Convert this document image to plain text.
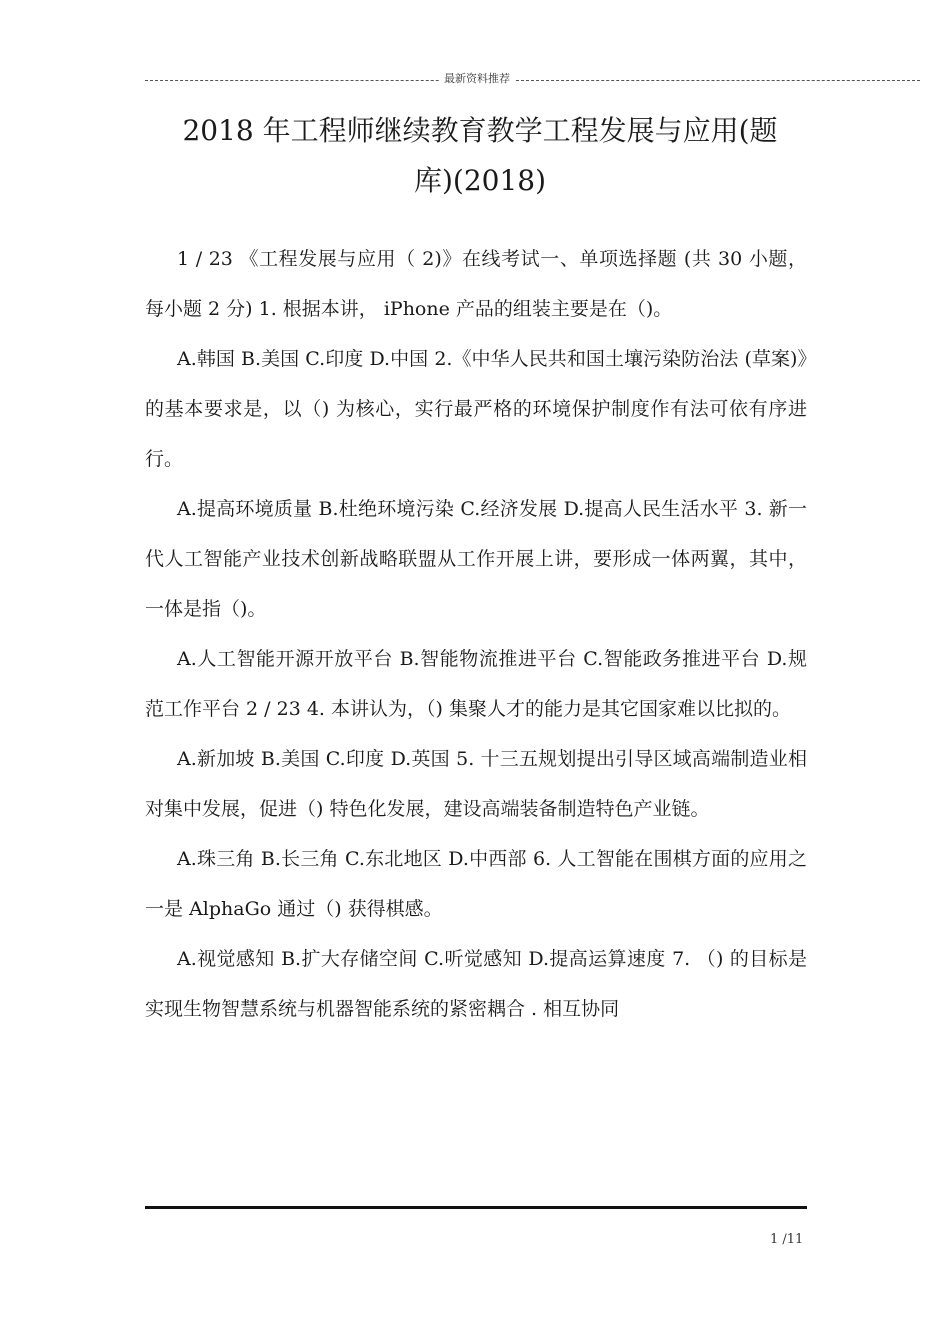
最新资料推荐
2018 年工程师继续教育教学工程发展与应用(题
库)(2018)

1 / 23 《工程发展与应用（ 2)》在线考试一、单项选择题 (共 30 小题，每小题 2 分) 1. 根据本讲， iPhone 产品的组装主要是在（)。

A.韩国 B.美国 C.印度 D.中国 2.《中华人民共和国土壤污染防治法 (草案)》的基本要求是，以（) 为核心，实行最严格的环境保护制度作有法可依有序进行。

A.提高环境质量 B.杜绝环境污染 C.经济发展 D.提高人民生活水平 3. 新一代人工智能产业技术创新战略联盟从工作开展上讲，要形成一体两翼，其中，一体是指（)。

A.人工智能开源开放平台 B.智能物流推进平台 C.智能政务推进平台 D.规范工作平台 2 / 23 4. 本讲认为，（) 集聚人才的能力是其它国家难以比拟的。

A.新加坡 B.美国 C.印度 D.英国 5. 十三五规划提出引导区域高端制造业相对集中发展，促进（) 特色化发展，建设高端装备制造特色产业链。

A.珠三角 B.长三角 C.东北地区 D.中西部 6. 人工智能在围棋方面的应用之一是 AlphaGo 通过（) 获得棋感。

A.视觉感知 B.扩大存储空间 C.听觉感知 D.提高运算速度 7. （) 的目标是实现生物智慧系统与机器智能系统的紧密耦合 . 相互协同

1 /11
